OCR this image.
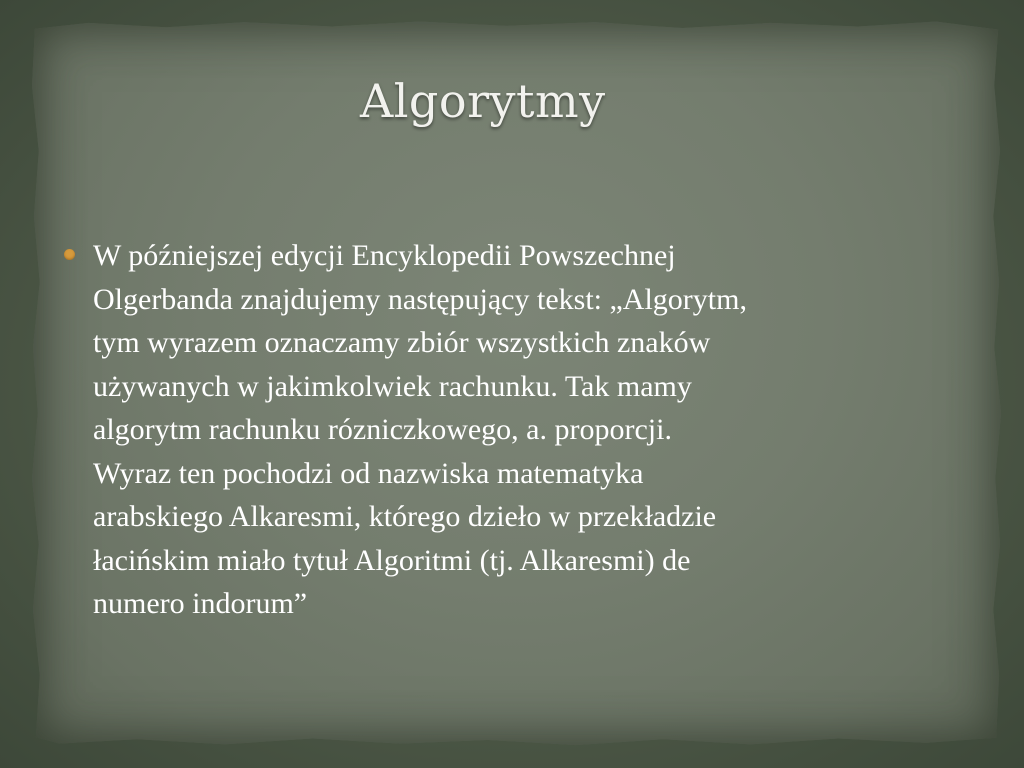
Algorytmy
W późniejszej edycji Encyklopedii Powszechnej
Olgerbanda znajdujemy następujący tekst: „Algorytm,
tym wyrazem oznaczamy zbiór wszystkich znaków
używanych w jakimkolwiek rachunku. Tak mamy
algorytm rachunku rózniczkowego, a. proporcji.
Wyraz ten pochodzi od nazwiska matematyka
arabskiego Alkaresmi, którego dzieło w przekładzie
łacińskim miało tytuł Algoritmi (tj. Alkaresmi) de
numero indorum”
